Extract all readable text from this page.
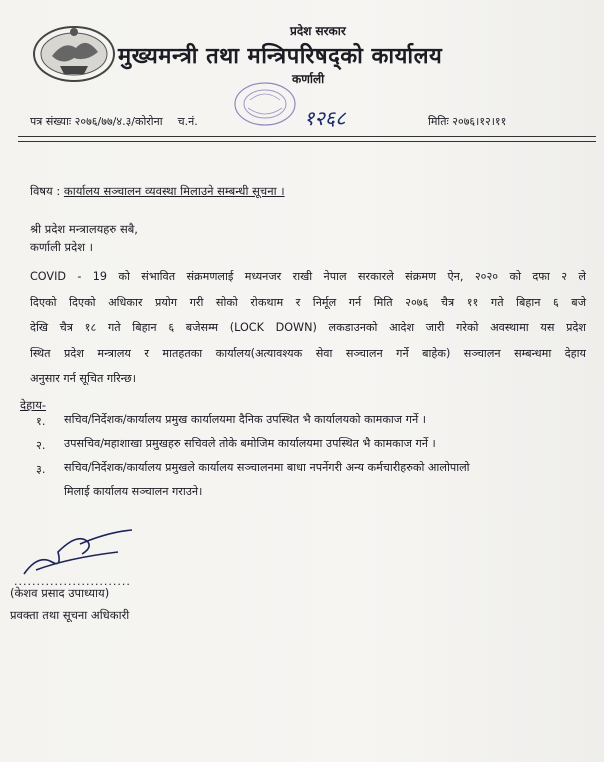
प्रदेश सरकार
मुख्यमन्त्री तथा मन्त्रिपरिषद्को कार्यालय
कर्णाली
पत्र संख्याः २०७६/७७/४.३/कोरोना च.नं.	१२६८	मितिः २०७६।१२।११
विषय : कार्यालय सञ्चालन व्यवस्था मिलाउने सम्बन्धी सूचना ।
श्री प्रदेश मन्त्रालयहरु सबै,
कर्णाली प्रदेश ।
COVID - 19 को संभावित संक्रमणलाई मध्यनजर राखी नेपाल सरकारले संक्रमण ऐन, २०२० को दफा २ ले
दिएको दिएको अधिकार प्रयोग गरी सोको रोकथाम र निर्मूल गर्न मिति २०७६ चैत्र ११ गते बिहान ६ बजे
देखि चैत्र १८ गते बिहान ६ बजेसम्म (LOCK DOWN) लकडाउनको आदेश जारी गरेको अवस्थामा यस प्रदेश
स्थित प्रदेश मन्त्रालय र मातहतका कार्यालय(अत्यावश्यक सेवा सञ्चालन गर्ने बाहेक) सञ्चालन सम्बन्धमा देहाय
अनुसार गर्न सूचित गरिन्छ।
देहाय-
१. सचिव/निर्देशक/कार्यालय प्रमुख कार्यालयमा दैनिक उपस्थित भै कार्यालयको कामकाज गर्ने ।
२. उपसचिव/महाशाखा प्रमुखहरु सचिवले तोके बमोजिम कार्यालयमा उपस्थित भै कामकाज गर्ने ।
३. सचिव/निर्देशक/कार्यालय प्रमुखले कार्यालय सञ्चालनमा बाधा नपर्नेगरी अन्य कर्मचारीहरुको आलोपालो
मिलाई कार्यालय सञ्चालन गराउने।
..........................
(केशव प्रसाद उपाध्याय)
प्रवक्ता तथा सूचना अधिकारी
